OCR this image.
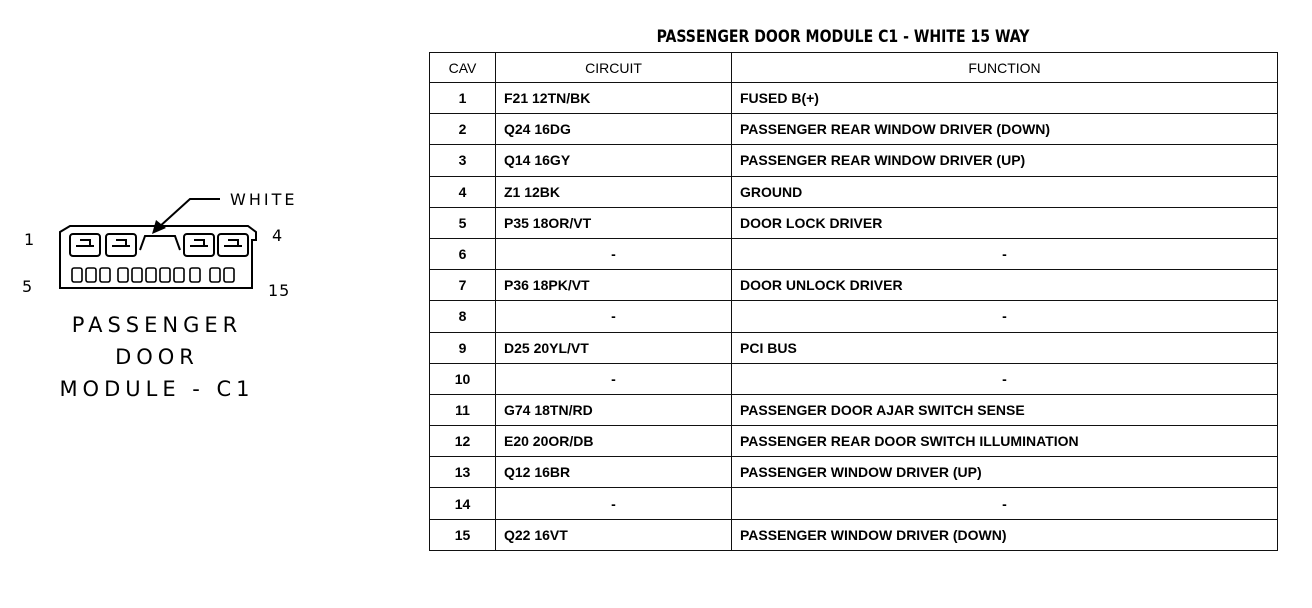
1	4
5	15
WHITE
PASSENGER
DOOR
MODULE - C1
PASSENGER DOOR MODULE C1 - WHITE 15 WAY
CAV	CIRCUIT	FUNCTION
1	F21 12TN/BK	FUSED B(+)
2	Q24 16DG	PASSENGER REAR WINDOW DRIVER (DOWN)
3	Q14 16GY	PASSENGER REAR WINDOW DRIVER (UP)
4	Z1 12BK	GROUND
5	P35 18OR/VT	DOOR LOCK DRIVER
6	-	-
7	P36 18PK/VT	DOOR UNLOCK DRIVER
8	-	-
9	D25 20YL/VT	PCI BUS
10	-	-
11	G74 18TN/RD	PASSENGER DOOR AJAR SWITCH SENSE
12	E20 20OR/DB	PASSENGER REAR DOOR SWITCH ILLUMINATION
13	Q12 16BR	PASSENGER WINDOW DRIVER (UP)
14	-	-
15	Q22 16VT	PASSENGER WINDOW DRIVER (DOWN)
